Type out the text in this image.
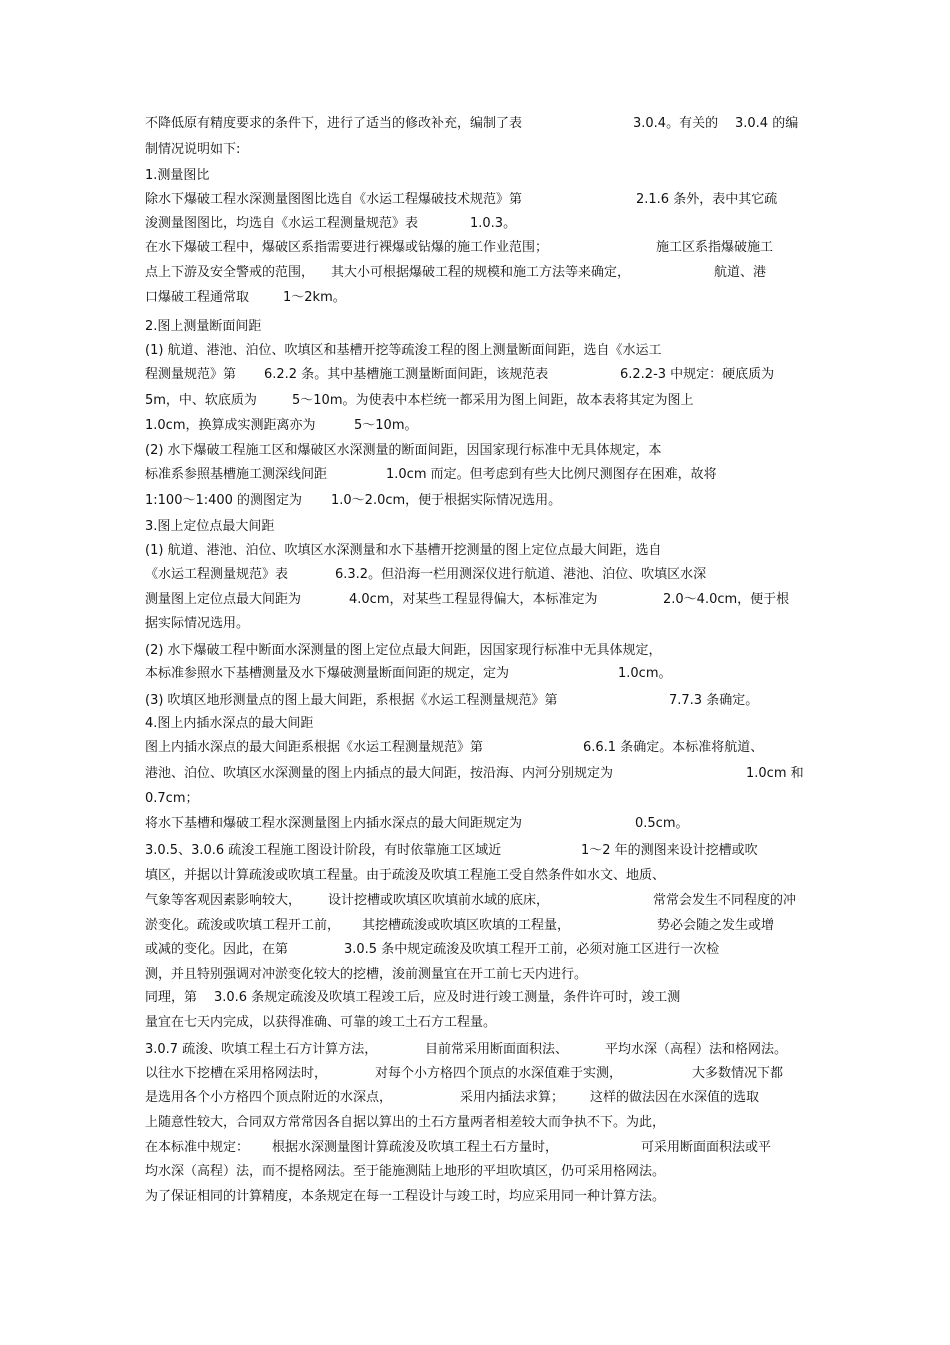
不降低原有精度要求的条件下，进行了适当的修改补充，编制了表	3.0.4。有关的 3.0.4 的编
制情况说明如下:
1.测量图比
除水下爆破工程水深测量图图比选自《水运工程爆破技术规范》第	2.1.6 条外，表中其它疏
浚测量图图比，均选自《水运工程测量规范》表	1.0.3。
在水下爆破工程中， 爆破区系指需要进行裸爆或钻爆的施工作业范围；	施工区系指爆破施工
点上下游及安全警戒的范围， 其大小可根据爆破工程的规模和施工方法等来确定，	航道、港
口爆破工程通常取	1～2km。
2.图上测量断面间距
(1) 航道、港池、泊位、吹填区和基槽开挖等疏浚工程的图上测量断面间距，选自《水运工
程测量规范》第 6.2.2 条。其中基槽施工测量断面间距，该规范表	6.2.2-3 中规定：硬底质为
5m，中、软底质为	5～10m。为使表中本栏统一都采用为图上间距，故本表将其定为图上
1.0cm，换算成实测距离亦为	5～10m。
(2) 水下爆破工程施工区和爆破区水深测量的断面间距，因国家现行标准中无具体规定，本
标准系参照基槽施工测深线间距	1.0cm 而定。但考虑到有些大比例尺测图存在困难，故将
1:100～1:400 的测图定为 1.0～2.0cm，便于根据实际情况选用。
3.图上定位点最大间距
(1) 航道、港池、泊位、吹填区水深测量和水下基槽开挖测量的图上定位点最大间距，选自
《水运工程测量规范》表	6.3.2。但沿海一栏用测深仪进行航道、港池、泊位、吹填区水深
测量图上定位点最大间距为	4.0cm，对某些工程显得偏大，本标准定为	2.0～4.0cm，便于根
据实际情况选用。
(2) 水下爆破工程中断面水深测量的图上定位点最大间距，因国家现行标准中无具体规定，
本标准参照水下基槽测量及水下爆破测量断面间距的规定，定为	1.0cm。
(3) 吹填区地形测量点的图上最大间距，系根据《水运工程测量规范》第	7.7.3 条确定。
4.图上内插水深点的最大间距
图上内插水深点的最大间距系根据《水运工程测量规范》第	6.6.1 条确定。本标准将航道、
港池、泊位、吹填区水深测量的图上内插点的最大间距，按沿海、内河分别规定为	1.0cm 和
0.7cm；
将水下基槽和爆破工程水深测量图上内插水深点的最大间距规定为	0.5cm。
3.0.5、3.0.6 疏浚工程施工图设计阶段，有时依靠施工区域近	1～2 年的测图来设计挖槽或吹
填区，并据以计算疏浚或吹填工程量。由于疏浚及吹填工程施工受自然条件如水文、地质、
气象等客观因素影响较大， 设计挖槽或吹填区吹填前水域的底床，	常常会发生不同程度的冲
淤变化。疏浚或吹填工程开工前， 其挖槽疏浚或吹填区吹填的工程量，	势必会随之发生或增
或减的变化。因此，在第	3.0.5 条中规定疏浚及吹填工程开工前，必须对施工区进行一次检
测，并且特别强调对冲淤变化较大的挖槽，浚前测量宜在开工前七天内进行。
同理，第 3.0.6 条规定疏浚及吹填工程竣工后，应及时进行竣工测量，条件许可时，竣工测
量宜在七天内完成，以获得准确、可靠的竣工土石方工程量。
3.0.7 疏浚、吹填工程土石方计算方法，	目前常采用断面面积法、	平均水深（高程）法和格网法。
以往水下挖槽在采用格网法时，	对每个小方格四个顶点的水深值难于实测，	大多数情况下都
是选用各个小方格四个顶点附近的水深点，	采用内插法求算； 这样的做法因在水深值的选取
上随意性较大，合同双方常常因各自据以算出的土石方量两者相差较大而争执不下。为此，
在本标准中规定： 根据水深测量图计算疏浚及吹填工程土石方量时，	可采用断面面积法或平
均水深（高程）法，而不提格网法。至于能施测陆上地形的平坦吹填区，仍可采用格网法。
为了保证相同的计算精度，本条规定在每一工程设计与竣工时，均应采用同一种计算方法。
